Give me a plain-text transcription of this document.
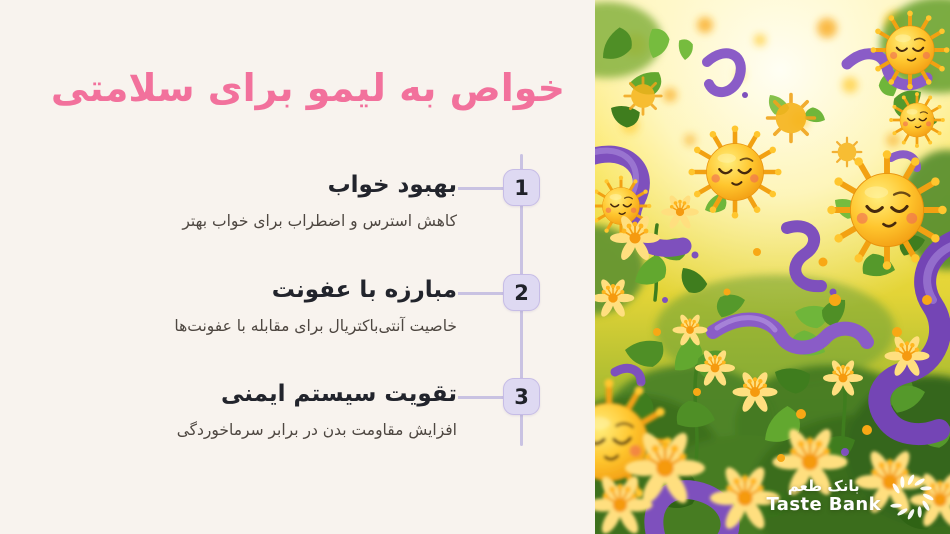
خواص به لیمو برای سلامتی
1
2
3
بهبود خواب

کاهش استرس و اضطراب برای خواب بهتر

مبارزه با عفونت

خاصیت آنتی‌باکتریال برای مقابله با عفونت‌ها

تقویت سیستم ایمنی

افزایش مقاومت بدن در برابر سرماخوردگی

بانک طعم
Taste Bank
